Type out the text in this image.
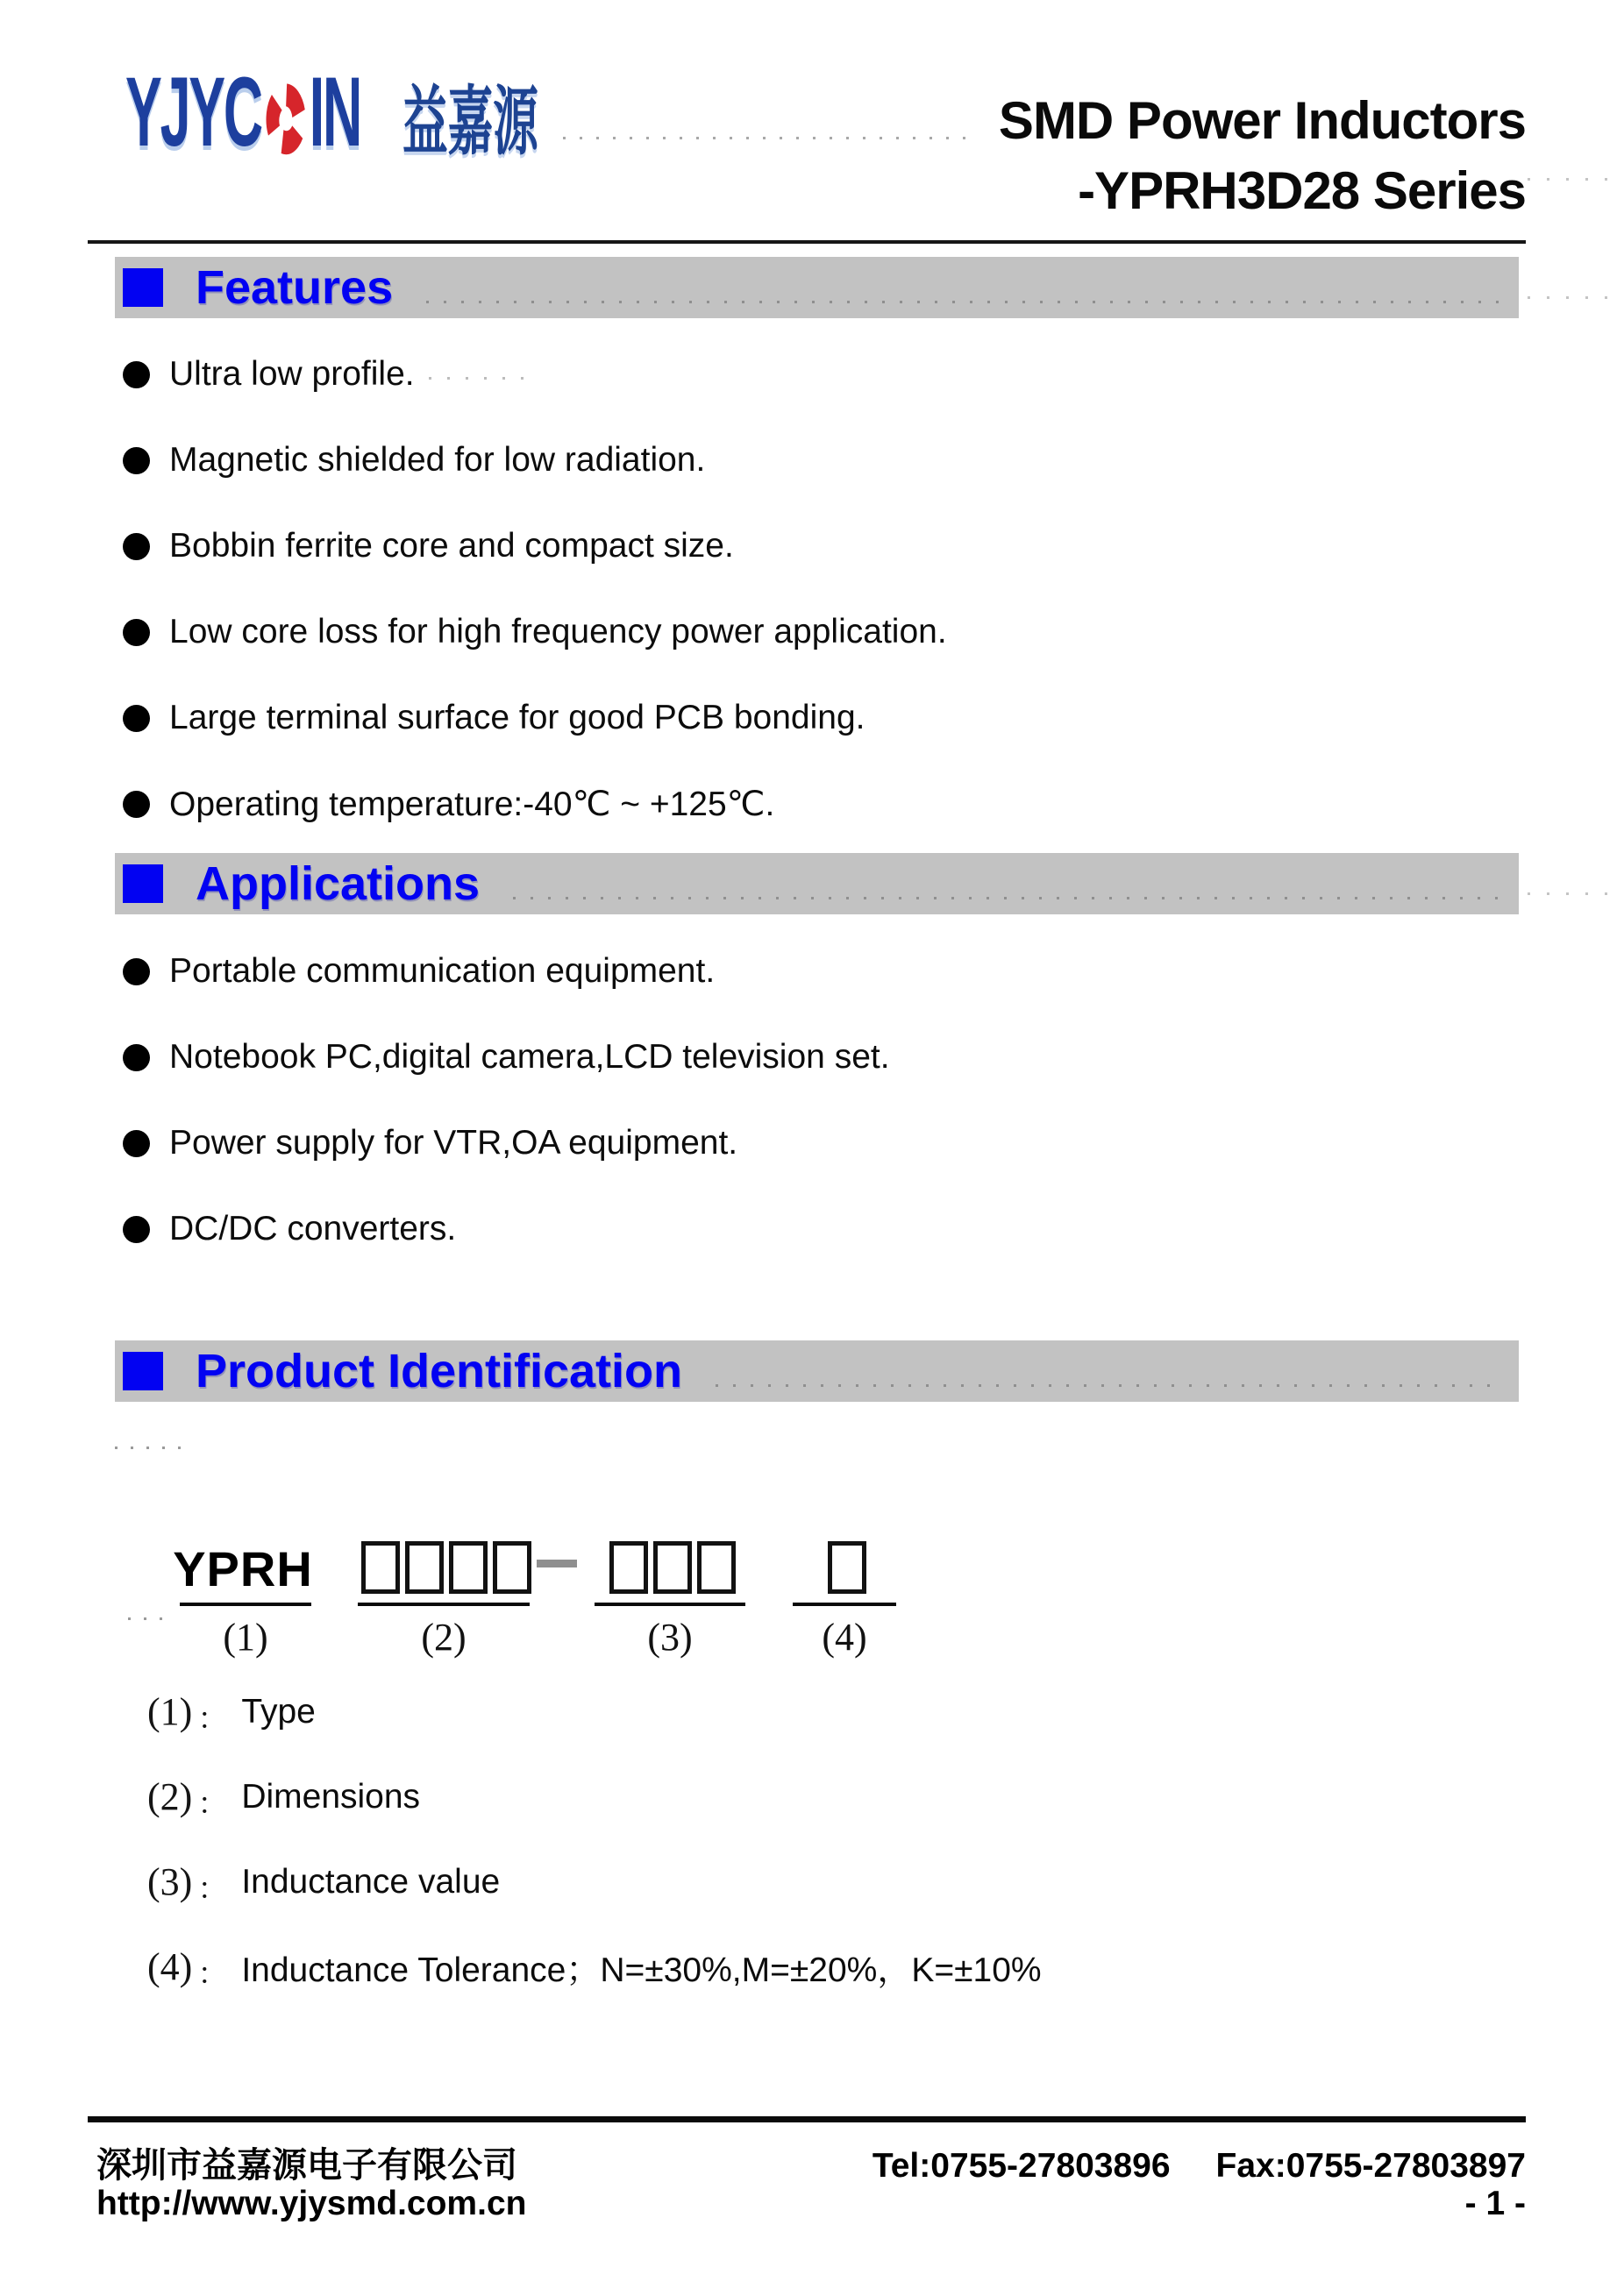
YJYC IN 益嘉源	SMD Power Inductors
-YPRH3D28 Series
Features
Ultra low profile.
Magnetic shielded for low radiation.
Bobbin ferrite core and compact size.
Low core loss for high frequency power application.
Large terminal surface for good PCB bonding.
Operating temperature:-40℃ ~ +125℃.
Applications
Portable communication equipment.
Notebook PC,digital camera,LCD television set.
Power supply for VTR,OA equipment.
DC/DC converters.
Product Identification
YPRH
(1)	(2)	(3)	(4)
(1) ： Type
(2) ： Dimensions
(3) ： Inductance value
(4) ： Inductance Tolerance；N=±30%,M=±20%，K=±10%
深圳市益嘉源电子有限公司	Tel:0755-27803896 Fax:0755-27803897
http://www.yjysmd.com.cn	- 1 -
